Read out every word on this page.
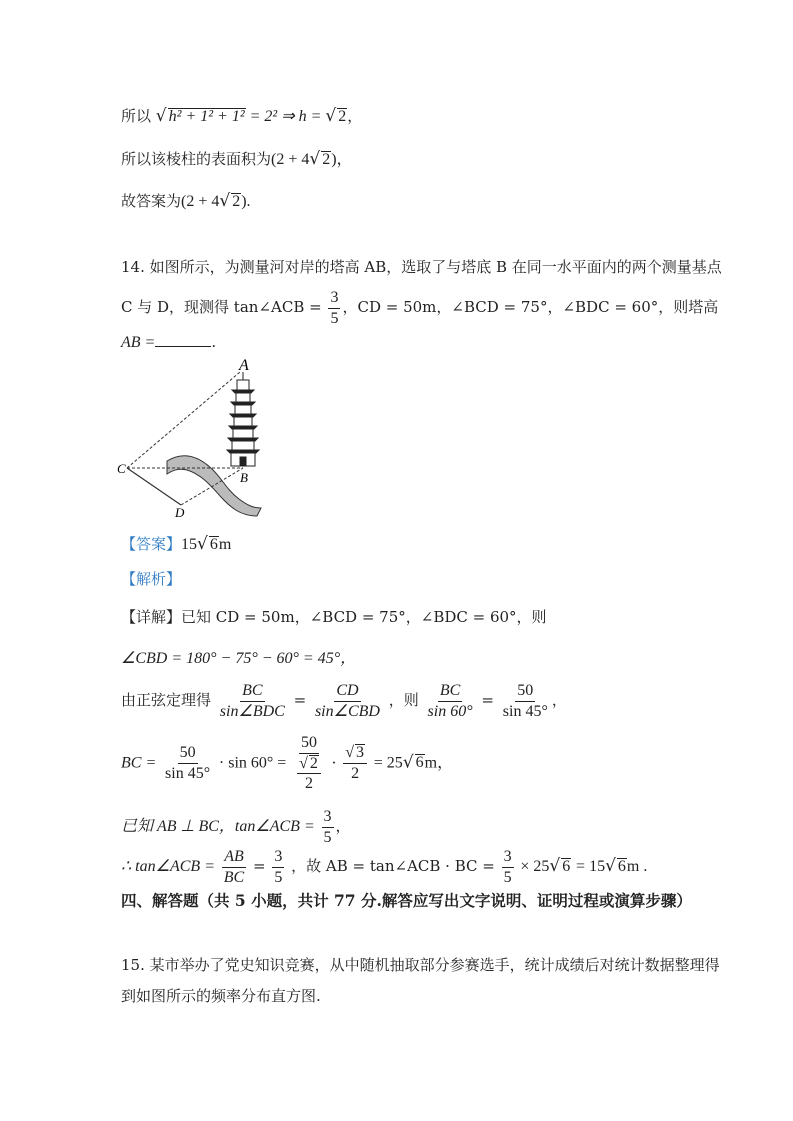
所以 √ h² + 1² + 1² = 2² ⇒ h = √ 2，
所以该棱柱的表面积为(2 + 4√ 2)，
故答案为(2 + 4√ 2).
14. 如图所示，为测量河对岸的塔高 AB，选取了与塔底 B 在同一水平面内的两个测量基点
C 与 D，现测得 tan∠ACB = $\frac{3}{5}$ ，CD = 50m，∠BCD = 75°，∠BDC = 60°，则塔高
AB =	.
A
B
C
D
【答案】15√ 6m
【解析】
【详解】已知 CD = 50m，∠BCD = 75°，∠BDC = 60°，则
∠CBD = 180° − 75° − 60° = 45°，
由正弦定理得 $\frac{BC}{\text{sin∠BDC}} = \frac{CD}{\text{sin∠CBD}}$ ，则 $\frac{BC}{\sin 60^\circ} = \frac{50}{\sin 45^\circ}$ ，
BC = $\frac{50}{\sin 45^\circ} \cdot \sin 60^\circ = \frac{50}{\frac{√ 2}{2}} \cdot \frac{√ 3}{2} = 25√$ 6m，
已知 AB ⊥ BC，tan∠ACB = $\frac{3}{5}$ ，
∴ tan∠ACB = $\frac{AB}{BC} = \frac{3}{5}$ ，故 AB = tan∠ACB · BC = $\frac{3}{5} \times 25√$ 6 = 15√ 6m .
四、解答题（共 5 小题，共计 77 分.解答应写出文字说明、证明过程或演算步骤）
15. 某市举办了党史知识竞赛，从中随机抽取部分参赛选手，统计成绩后对统计数据整理得
到如图所示的频率分布直方图.
